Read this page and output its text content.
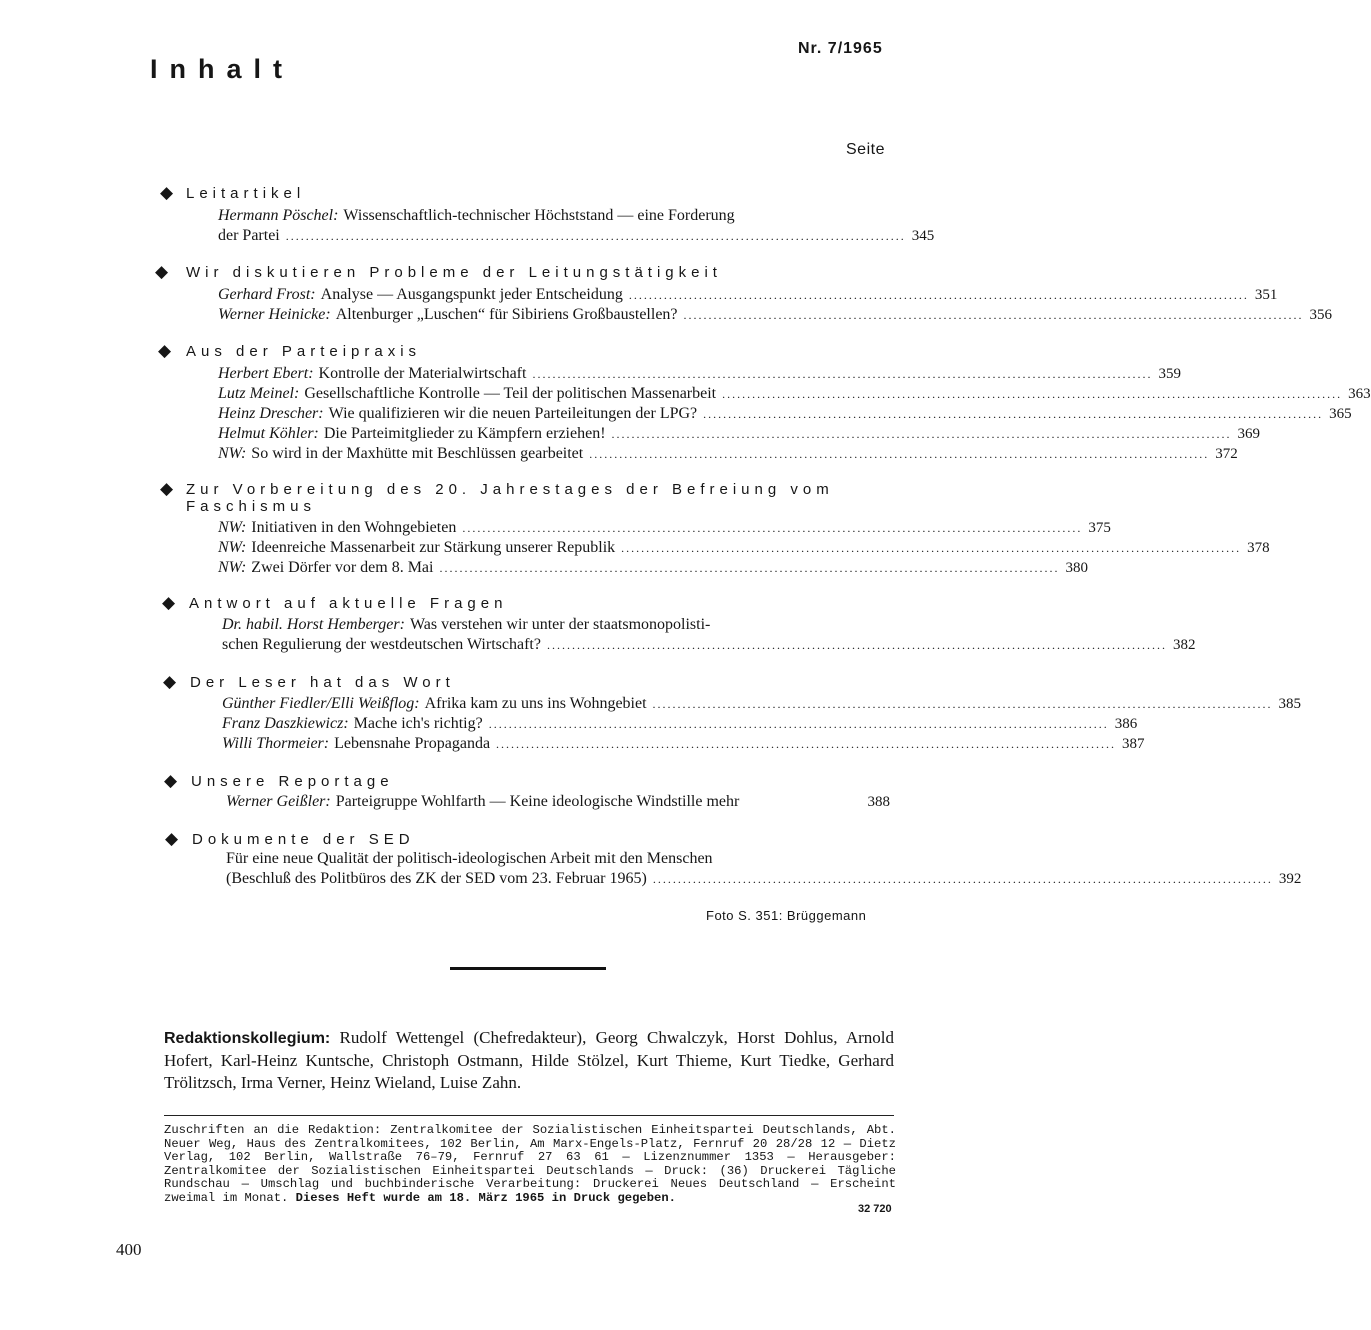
Inhalt
Nr. 7/1965
Seite
◆ Leitartikel
Hermann Pöschel: Wissenschaftlich-technischer Höchststand — eine Forderung
der Partei ............................................................................................................................ 345
◆ Wir diskutieren Probleme der Leitungstätigkeit
Gerhard Frost: Analyse — Ausgangspunkt jeder Entscheidung ............................................................................................................................ 351
Werner Heinicke: Altenburger „Luschen“ für Sibiriens Großbaustellen? ............................................................................................................................ 356
◆ Aus der Parteipraxis
Herbert Ebert: Kontrolle der Materialwirtschaft ............................................................................................................................ 359
Lutz Meinel: Gesellschaftliche Kontrolle — Teil der politischen Massenarbeit ............................................................................................................................ 363
Heinz Drescher: Wie qualifizieren wir die neuen Parteileitungen der LPG? ............................................................................................................................ 365
Helmut Köhler: Die Parteimitglieder zu Kämpfern erziehen! ............................................................................................................................ 369
NW: So wird in der Maxhütte mit Beschlüssen gearbeitet ............................................................................................................................ 372
◆ Zur Vorbereitung des 20. Jahrestages der Befreiung vom
Faschismus
NW: Initiativen in den Wohngebieten ............................................................................................................................ 375
NW: Ideenreiche Massenarbeit zur Stärkung unserer Republik ............................................................................................................................ 378
NW: Zwei Dörfer vor dem 8. Mai ............................................................................................................................ 380
◆ Antwort auf aktuelle Fragen
Dr. habil. Horst Hemberger: Was verstehen wir unter der staatsmonopolisti-
schen Regulierung der westdeutschen Wirtschaft? ............................................................................................................................ 382
◆ Der Leser hat das Wort
Günther Fiedler/Elli Weißflog: Afrika kam zu uns ins Wohngebiet ............................................................................................................................ 385
Franz Daszkiewicz: Mache ich's richtig? ............................................................................................................................ 386
Willi Thormeier: Lebensnahe Propaganda ............................................................................................................................ 387
◆ Unsere Reportage
Werner Geißler: Parteigruppe Wohlfarth — Keine ideologische Windstille mehr	388
◆ Dokumente der SED
Für eine neue Qualität der politisch-ideologischen Arbeit mit den Menschen
(Beschluß des Politbüros des ZK der SED vom 23. Februar 1965) ............................................................................................................................ 392
Foto S. 351: Brüggemann
Redaktionskollegium: Rudolf Wettengel (Chefredakteur), Georg Chwalczyk, Horst Dohlus, Arnold Hofert, Karl-Heinz Kuntsche, Christoph Ostmann, Hilde Stölzel, Kurt Thieme, Kurt Tiedke, Gerhard Trölitzsch, Irma Verner, Heinz Wieland, Luise Zahn.
Zuschriften an die Redaktion: Zentralkomitee der Sozialistischen Einheitspartei Deutschlands, Abt. Neuer Weg, Haus des Zentralkomitees, 102 Berlin, Am Marx-Engels-Platz, Fernruf 20 28/28 12 — Dietz Verlag, 102 Berlin, Wallstraße 76–79, Fernruf 27 63 61 — Lizenznummer 1353 — Herausgeber: Zentralkomitee der Sozialistischen Einheitspartei Deutschlands — Druck: (36) Druckerei Tägliche Rundschau — Umschlag und buchbinderische Verarbeitung: Druckerei Neues Deutschland — Erscheint zweimal im Monat. Dieses Heft wurde am 18. März 1965 in Druck gegeben.
32 720
400
